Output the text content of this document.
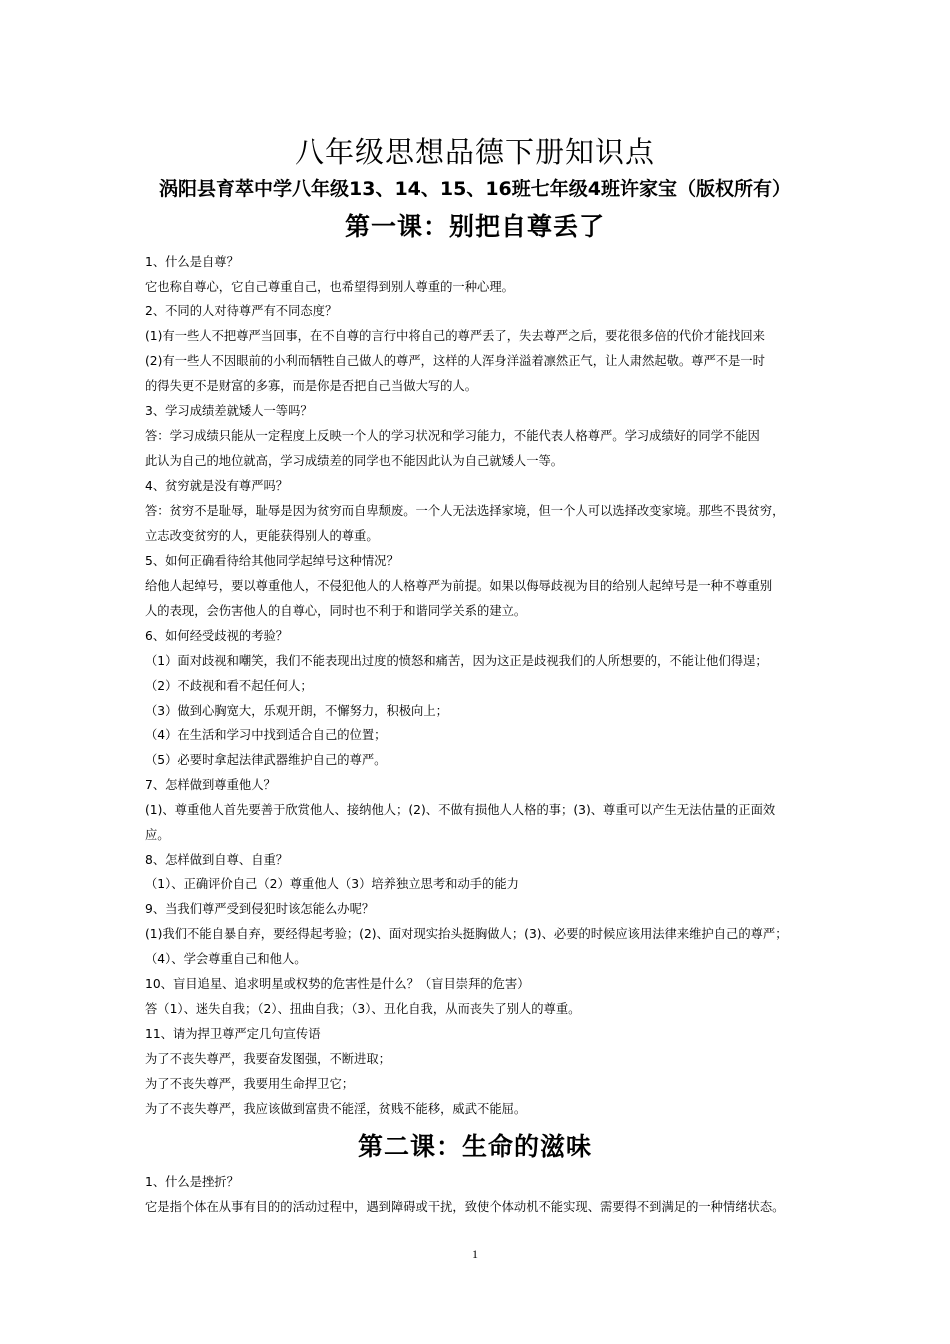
八年级思想品德下册知识点
涡阳县育萃中学八年级13、14、15、16班七年级4班许家宝（版权所有）
第一课：别把自尊丢了
1、什么是自尊？
它也称自尊心，它自己尊重自己，也希望得到别人尊重的一种心理。
2、不同的人对待尊严有不同态度？
(1)有一些人不把尊严当回事，在不自尊的言行中将自己的尊严丢了，失去尊严之后，要花很多倍的代价才能找回来
(2)有一些人不因眼前的小利而牺牲自己做人的尊严，这样的人浑身洋溢着凛然正气，让人肃然起敬。尊严不是一时
的得失更不是财富的多寡，而是你是否把自己当做大写的人。
3、学习成绩差就矮人一等吗？
答：学习成绩只能从一定程度上反映一个人的学习状况和学习能力，不能代表人格尊严。学习成绩好的同学不能因
此认为自己的地位就高，学习成绩差的同学也不能因此认为自己就矮人一等。
4、贫穷就是没有尊严吗？
答：贫穷不是耻辱，耻辱是因为贫穷而自卑颓废。一个人无法选择家境，但一个人可以选择改变家境。那些不畏贫穷，
立志改变贫穷的人，更能获得别人的尊重。
5、如何正确看待给其他同学起绰号这种情况？
给他人起绰号，要以尊重他人，不侵犯他人的人格尊严为前提。如果以侮辱歧视为目的给别人起绰号是一种不尊重别
人的表现，会伤害他人的自尊心，同时也不利于和谐同学关系的建立。
6、如何经受歧视的考验？
（1）面对歧视和嘲笑，我们不能表现出过度的愤怒和痛苦，因为这正是歧视我们的人所想要的，不能让他们得逞；
（2）不歧视和看不起任何人；
（3）做到心胸宽大，乐观开朗，不懈努力，积极向上；
（4）在生活和学习中找到适合自己的位置；
（5）必要时拿起法律武器维护自己的尊严。
7、怎样做到尊重他人？
(1)、尊重他人首先要善于欣赏他人、接纳他人；(2)、不做有损他人人格的事；(3)、尊重可以产生无法估量的正面效
应。
8、怎样做到自尊、自重？
（1）、正确评价自己（2）尊重他人（3）培养独立思考和动手的能力
9、当我们尊严受到侵犯时该怎能么办呢？
(1)我们不能自暴自弃，要经得起考验；(2)、面对现实抬头挺胸做人；(3)、必要的时候应该用法律来维护自己的尊严；
（4）、学会尊重自己和他人。
10、盲目追星、追求明星或权势的危害性是什么？（盲目崇拜的危害）
答（1）、迷失自我；（2）、扭曲自我；（3）、丑化自我，从而丧失了别人的尊重。
11、请为捍卫尊严定几句宣传语
为了不丧失尊严，我要奋发图强，不断进取；
为了不丧失尊严，我要用生命捍卫它；
为了不丧失尊严，我应该做到富贵不能淫，贫贱不能移，威武不能屈。
第二课：生命的滋味
1、什么是挫折？
它是指个体在从事有目的的活动过程中，遇到障碍或干扰，致使个体动机不能实现、需要得不到满足的一种情绪状态。
1
